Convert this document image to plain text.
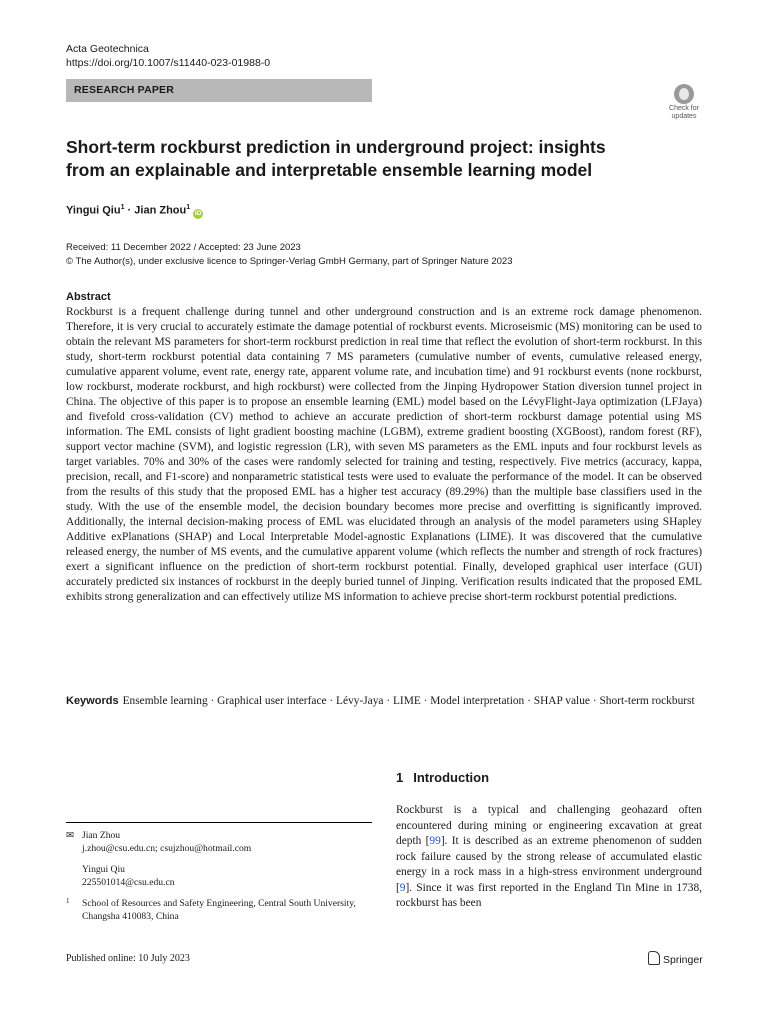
Acta Geotechnica
https://doi.org/10.1007/s11440-023-01988-0
RESEARCH PAPER
Check for updates
Short-term rockburst prediction in underground project: insights from an explainable and interpretable ensemble learning model
Yingui Qiu$^1$ · Jian Zhou$^1$iD
Received: 11 December 2022 / Accepted: 23 June 2023
© The Author(s), under exclusive licence to Springer-Verlag GmbH Germany, part of Springer Nature 2023
Abstract
Rockburst is a frequent challenge during tunnel and other underground construction and is an extreme rock damage phenomenon. Therefore, it is very crucial to accurately estimate the damage potential of rockburst events. Microseismic (MS) monitoring can be used to obtain the relevant MS parameters for short-term rockburst prediction in real time that reflect the evolution of short-term rockburst. In this study, short-term rockburst potential data containing 7 MS parameters (cumulative number of events, cumulative released energy, cumulative apparent volume, event rate, energy rate, apparent volume rate, and incubation time) and 91 rockburst events (none rockburst, low rockburst, moderate rockburst, and high rockburst) were collected from the Jinping Hydropower Station diversion tunnel project in China. The objective of this paper is to propose an ensemble learning (EML) model based on the LévyFlight-Jaya optimization (LFJaya) and fivefold cross-validation (CV) method to achieve an accurate prediction of short-term rockburst damage potential using MS information. The EML consists of light gradient boosting machine (LGBM), extreme gradient boosting (XGBoost), random forest (RF), support vector machine (SVM), and logistic regression (LR), with seven MS parameters as the EML inputs and four rockburst levels as target variables. 70% and 30% of the cases were randomly selected for training and testing, respectively. Five metrics (accuracy, kappa, precision, recall, and F1-score) and nonparametric statistical tests were used to evaluate the performance of the model. It can be observed from the results of this study that the proposed EML has a higher test accuracy (89.29%) than the multiple base classifiers used in the study. With the use of the ensemble model, the decision boundary becomes more precise and overfitting is significantly improved. Additionally, the internal decision-making process of EML was elucidated through an analysis of the model parameters using SHapley Additive exPlanations (SHAP) and Local Interpretable Model-agnostic Explanations (LIME). It was discovered that the cumulative released energy, the number of MS events, and the cumulative apparent volume (which reflects the number and strength of rock fractures) exert a significant influence on the prediction of short-term rockburst potential. Finally, developed graphical user interface (GUI) accurately predicted six instances of rockburst in the deeply buried tunnel of Jinping. Verification results indicated that the proposed EML exhibits strong generalization and can effectively utilize MS information to achieve precise short-term rockburst potential predictions.
Keywords Ensemble learning · Graphical user interface · Lévy-Jaya · LIME · Model interpretation · SHAP value · Short-term rockburst
1 Introduction
Rockburst is a typical and challenging geohazard often encountered during mining or engineering excavation at great depth [99]. It is described as an extreme phenomenon of sudden rock failure caused by the strong release of accumulated elastic energy in a rock mass in a high-stress environment underground [9]. Since it was first reported in the England Tin Mine in 1738, rockburst has been
✉ Jian Zhou
j.zhou@csu.edu.cn; csujzhou@hotmail.com
Yingui Qiu
225501014@csu.edu.cn
1 School of Resources and Safety Engineering, Central South University, Changsha 410083, China
Published online: 10 July 2023	Springer
